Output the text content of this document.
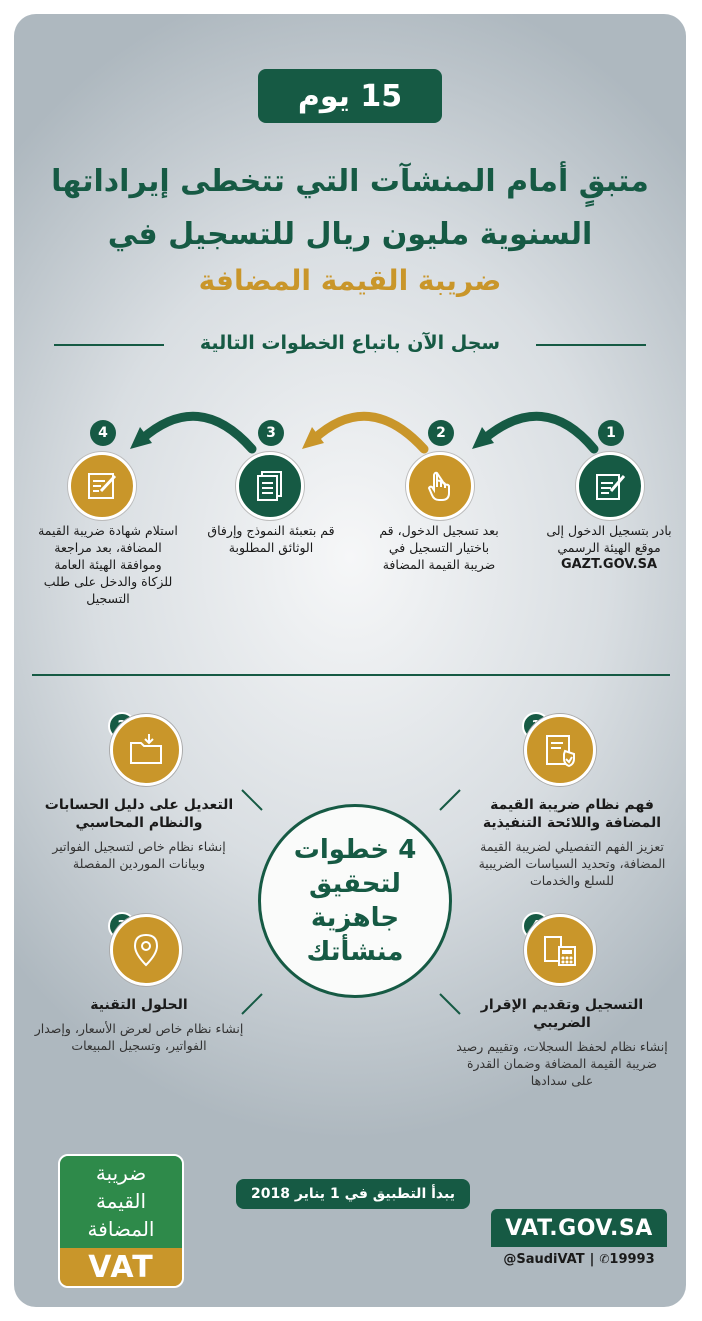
15 يوم
متبقٍ أمام المنشآت التي تتخطى إيراداتها
السنوية مليون ريال للتسجيل في
ضريبة القيمة المضافة
سجل الآن باتباع الخطوات التالية
1
بادر بتسجيل الدخول إلى موقع الهيئة الرسمي
GAZT.GOV.SA
2
بعد تسجيل الدخول، قم باختيار التسجيل في ضريبة القيمة المضافة
3
قم بتعبئة النموذج وإرفاق الوثائق المطلوبة
4
استلام شهادة ضريبة القيمة المضافة، بعد مراجعة وموافقة الهيئة العامة للزكاة والدخل على طلب التسجيل
4 خطوات لتحقيق جاهزية منشأتك
فهم نظام ضريبة القيمة المضافة واللائحة التنفيذية
تعزيز الفهم التفصيلي لضريبة القيمة المضافة، وتحديد السياسات الضريبية للسلع والخدمات
التعديل على دليل الحسابات والنظام المحاسبي
إنشاء نظام خاص لتسجيل الفواتير وبيانات الموردين المفصلة
الحلول التقنية
إنشاء نظام خاص لعرض الأسعار، وإصدار الفواتير، وتسجيل المبيعات
التسجيل وتقديم الإقرار الضريبي
إنشاء نظام لحفظ السجلات، وتقييم رصيد ضريبة القيمة المضافة وضمان القدرة على سدادها
ضريبة
القيمة
المضافة
VAT
يبدأ التطبيق في 1 يناير 2018
VAT.GOV.SA
@SaudiVAT | ✆ 19993
